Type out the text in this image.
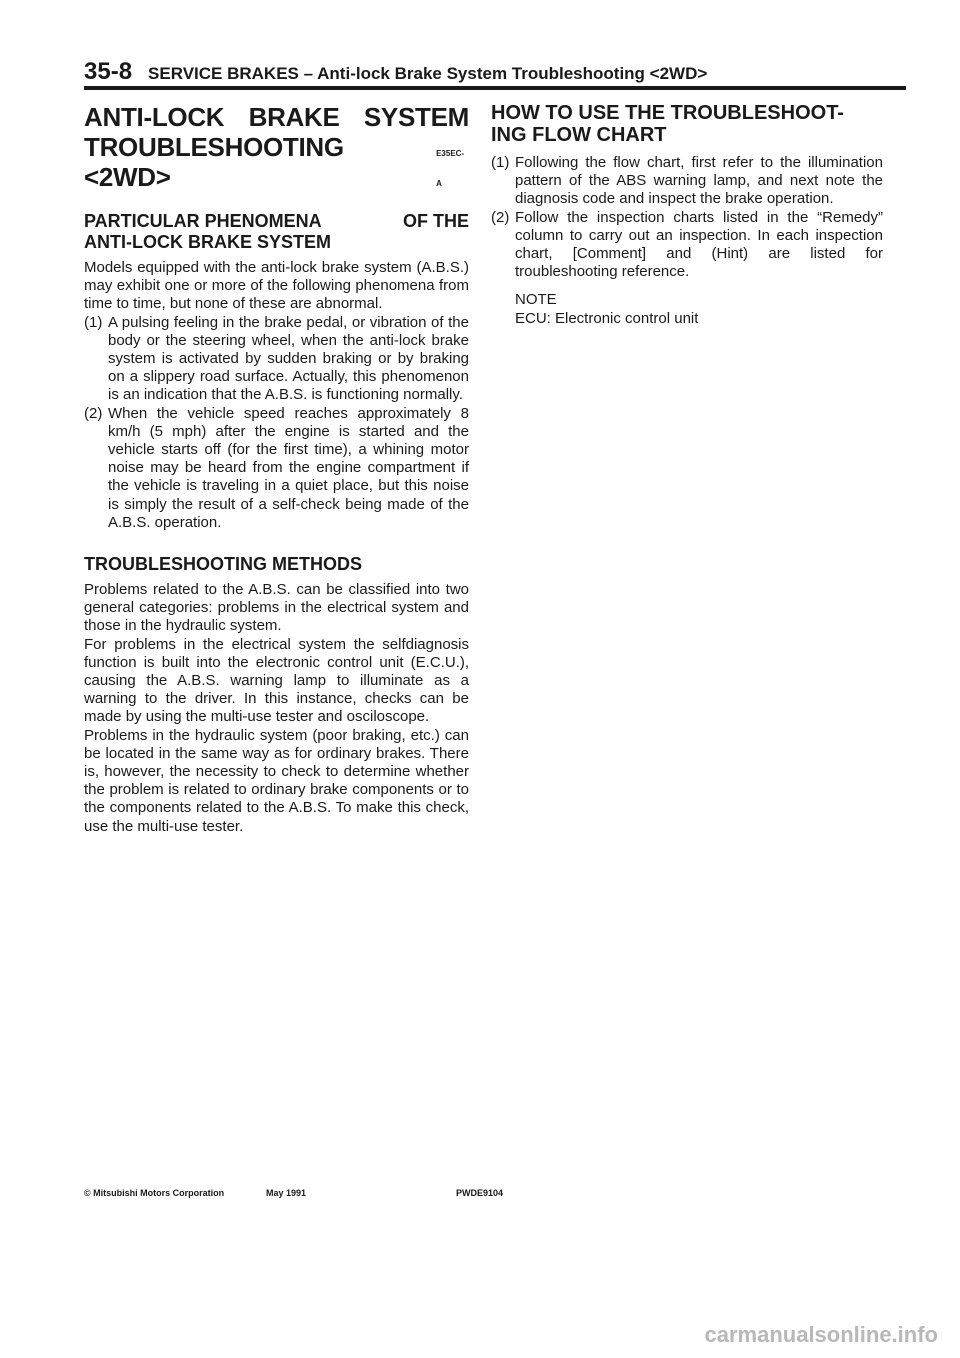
35-8 SERVICE BRAKES – Anti-lock Brake System Troubleshooting <2WD>
ANTI-LOCK BRAKE SYSTEM
TROUBLESHOOTING <2WD>
E35EC-A
PARTICULAR PHENOMENA	OF THE
ANTI-LOCK BRAKE SYSTEM

Models equipped with the anti-lock brake system (A.B.S.) may exhibit one or more of the following phenomena from time to time, but none of these are abnormal.

(1) A pulsing feeling in the brake pedal, or vibration of the body or the steering wheel, when the anti-lock brake system is activated by sudden braking or by braking on a slippery road surface. Actually, this phenomenon is an indication that the A.B.S. is functioning normally.
(2) When the vehicle speed reaches approximately 8 km/h (5 mph) after the engine is started and the vehicle starts off (for the first time), a whining motor noise may be heard from the engine compartment if the vehicle is traveling in a quiet place, but this noise is simply the result of a self-check being made of the A.B.S. operation.
TROUBLESHOOTING METHODS

Problems related to the A.B.S. can be classified into two general categories: problems in the electrical system and those in the hydraulic system.

For problems in the electrical system the selfdiagnosis function is built into the electronic control unit (E.C.U.), causing the A.B.S. warning lamp to illuminate as a warning to the driver. In this instance, checks can be made by using the multi-use tester and osciloscope.

Problems in the hydraulic system (poor braking, etc.) can be located in the same way as for ordinary brakes. There is, however, the necessity to check to determine whether the problem is related to ordinary brake components or to the components related to the A.B.S. To make this check, use the multi-use tester.

HOW TO USE THE TROUBLESHOOT-
ING FLOW CHART
(1) Following the flow chart, first refer to the illumination pattern of the ABS warning lamp, and next note the diagnosis code and inspect the brake operation.
(2) Follow the inspection charts listed in the “Remedy” column to carry out an inspection. In each inspection chart, [Comment] and (Hint) are listed for troubleshooting reference.
NOTE
ECU: Electronic control unit
© Mitsubishi Motors Corporation	May 1991	PWDE9104
carmanualsonline.info
